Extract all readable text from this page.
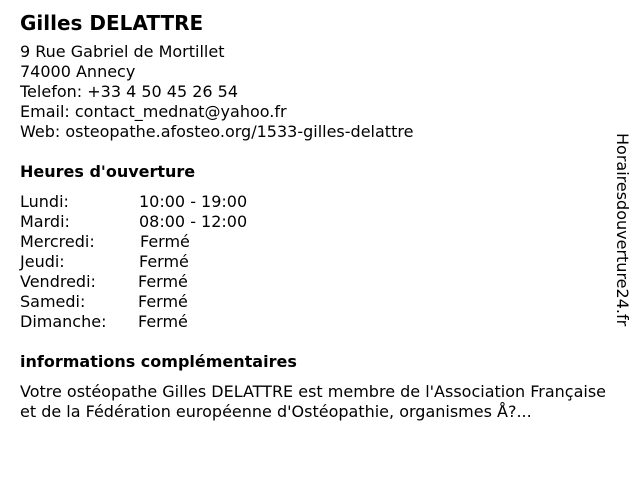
Gilles DELATTRE
9 Rue Gabriel de Mortillet
74000 Annecy
Telefon: +33 4 50 45 26 54
Email: contact_mednat@yahoo.fr
Web: osteopathe.afosteo.org/1533-gilles-delattre
Heures d'ouverture
Lundi:	10:00 - 19:00
Mardi:	08:00 - 12:00
Mercredi:	Fermé
Jeudi:	Fermé
Vendredi:	Fermé
Samedi:	Fermé
Dimanche:	Fermé
informations complémentaires
Votre ostéopathe Gilles DELATTRE est membre de l'Association Française et de la Fédération européenne d'Ostéopathie, organismes Å?...
Horairesdouverture24.fr
